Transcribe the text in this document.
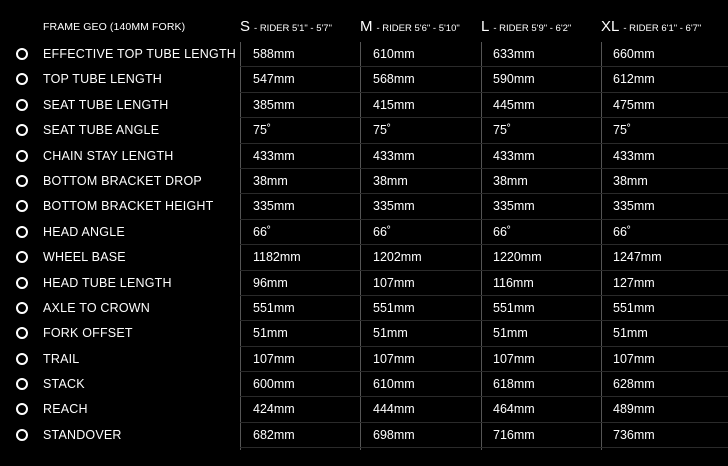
FRAME GEO (140MM FORK)	S - RIDER 5'1" - 5'7" M - RIDER 5'6" - 5'10" L - RIDER 5'9" - 6'2" XL - RIDER 6'1" - 6'7"
EFFECTIVE TOP TUBE LENGTH 588mm	610mm	633mm	660mm
TOP TUBE LENGTH	547mm	568mm	590mm	612mm
SEAT TUBE LENGTH	385mm	415mm	445mm	475mm
SEAT TUBE ANGLE	75˚	75˚	75˚	75˚
CHAIN STAY LENGTH	433mm	433mm	433mm	433mm
BOTTOM BRACKET DROP	38mm	38mm	38mm	38mm
BOTTOM BRACKET HEIGHT	335mm	335mm	335mm	335mm
HEAD ANGLE	66˚	66˚	66˚	66˚
WHEEL BASE	1182mm	1202mm	1220mm	1247mm
HEAD TUBE LENGTH	96mm	107mm	116mm	127mm
AXLE TO CROWN	551mm	551mm	551mm	551mm
FORK OFFSET	51mm	51mm	51mm	51mm
TRAIL	107mm	107mm	107mm	107mm
STACK	600mm	610mm	618mm	628mm
REACH	424mm	444mm	464mm	489mm
STANDOVER	682mm	698mm	716mm	736mm
